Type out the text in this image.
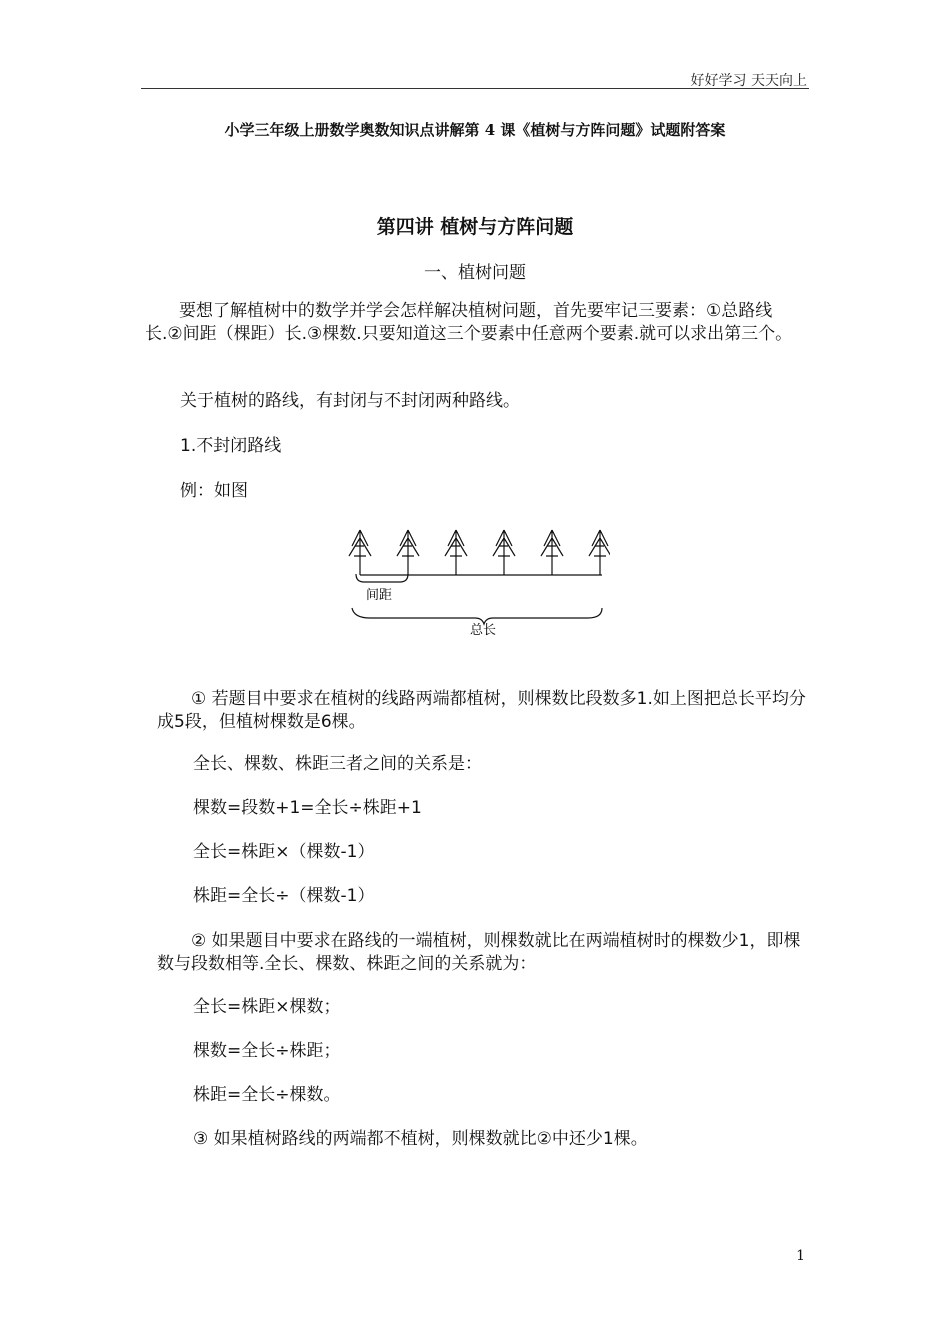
好好学习 天天向上
小学三年级上册数学奥数知识点讲解第 4 课《植树与方阵问题》试题附答案
第四讲 植树与方阵问题
一、植树问题
要想了解植树中的数学并学会怎样解决植树问题，首先要牢记三要素：①总路线长.②间距（棵距）长.③棵数.只要知道这三个要素中任意两个要素.就可以求出第三个。
关于植树的路线，有封闭与不封闭两种路线。
1.不封闭路线
例：如图
间距
总长
① 若题目中要求在植树的线路两端都植树，则棵数比段数多1.如上图把总长平均分成5段，但植树棵数是6棵。
全长、棵数、株距三者之间的关系是：
棵数=段数+1=全长÷株距+1
全长=株距×（棵数-1）
株距=全长÷（棵数-1）
② 如果题目中要求在路线的一端植树，则棵数就比在两端植树时的棵数少1，即棵数与段数相等.全长、棵数、株距之间的关系就为：
全长=株距×棵数；
棵数=全长÷株距；
株距=全长÷棵数。
③ 如果植树路线的两端都不植树，则棵数就比②中还少1棵。
1
